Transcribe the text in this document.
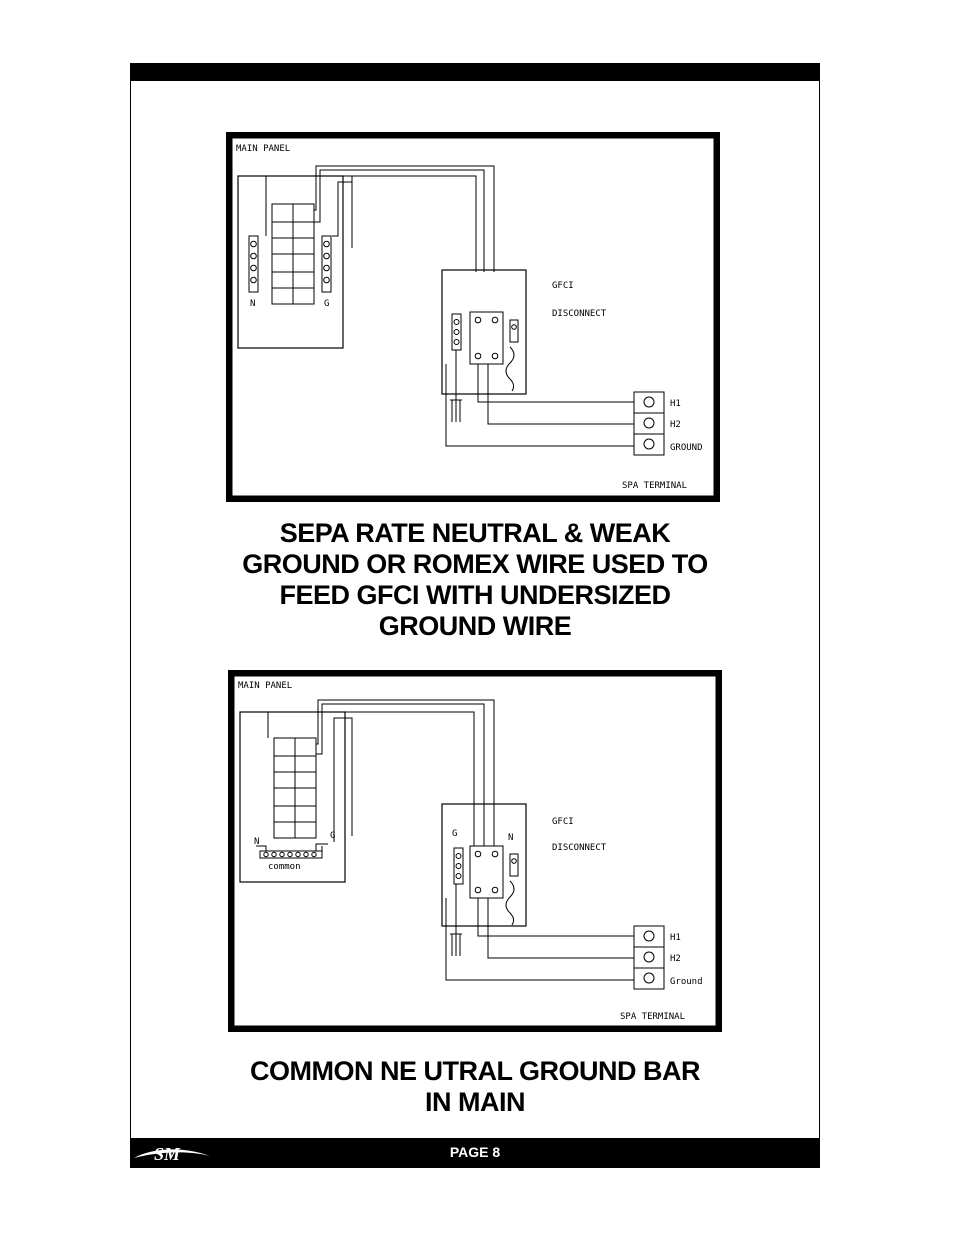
MAIN PANEL
N	G
GFCI
DISCONNECT
H1
H2
GROUND
SPA TERMINAL
SEPA RATE NEUTRAL & WEAK
GROUND OR ROMEX WIRE USED TO
FEED GFCI WITH UNDERSIZED
GROUND WIRE
MAIN PANEL
N
G
common
G	N
GFCI
DISCONNECT
H1
H2
Ground
SPA TERMINAL
COMMON NE UTRAL GROUND BAR
IN MAIN
SM	PAGE 8
